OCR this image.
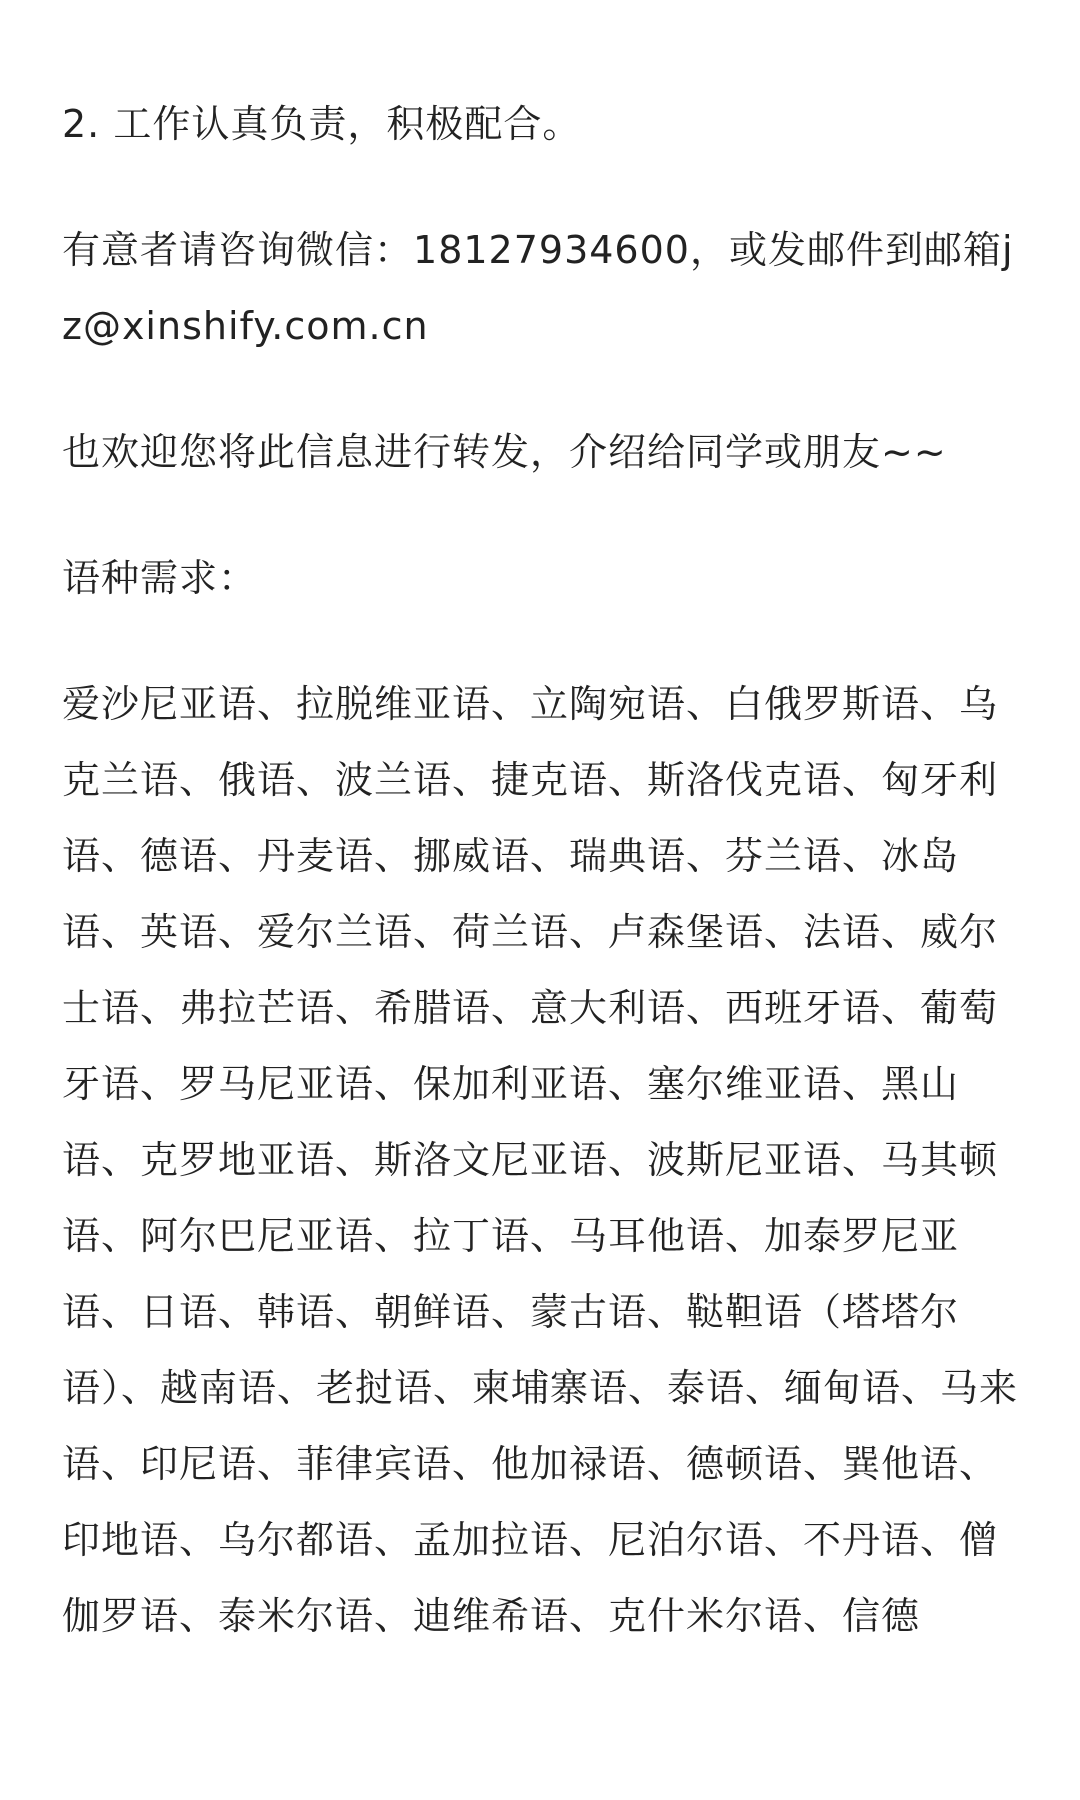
2. 工作认真负责，积极配合。

有意者请咨询微信：18127934600，或发邮件到邮箱jz@xinshify.com.cn

也欢迎您将此信息进行转发，介绍给同学或朋友~~

语种需求：

爱沙尼亚语、拉脱维亚语、立陶宛语、白俄罗斯语、乌克兰语、俄语、波兰语、捷克语、斯洛伐克语、匈牙利语、德语、丹麦语、挪威语、瑞典语、芬兰语、冰岛语、英语、爱尔兰语、荷兰语、卢森堡语、法语、威尔士语、弗拉芒语、希腊语、意大利语、西班牙语、葡萄牙语、罗马尼亚语、保加利亚语、塞尔维亚语、黑山语、克罗地亚语、斯洛文尼亚语、波斯尼亚语、马其顿语、阿尔巴尼亚语、拉丁语、马耳他语、加泰罗尼亚语、日语、韩语、朝鲜语、蒙古语、鞑靼语（塔塔尔语）、越南语、老挝语、柬埔寨语、泰语、缅甸语、马来语、印尼语、菲律宾语、他加禄语、德顿语、巽他语、印地语、乌尔都语、孟加拉语、尼泊尔语、不丹语、僧伽罗语、泰米尔语、迪维希语、克什米尔语、信德
